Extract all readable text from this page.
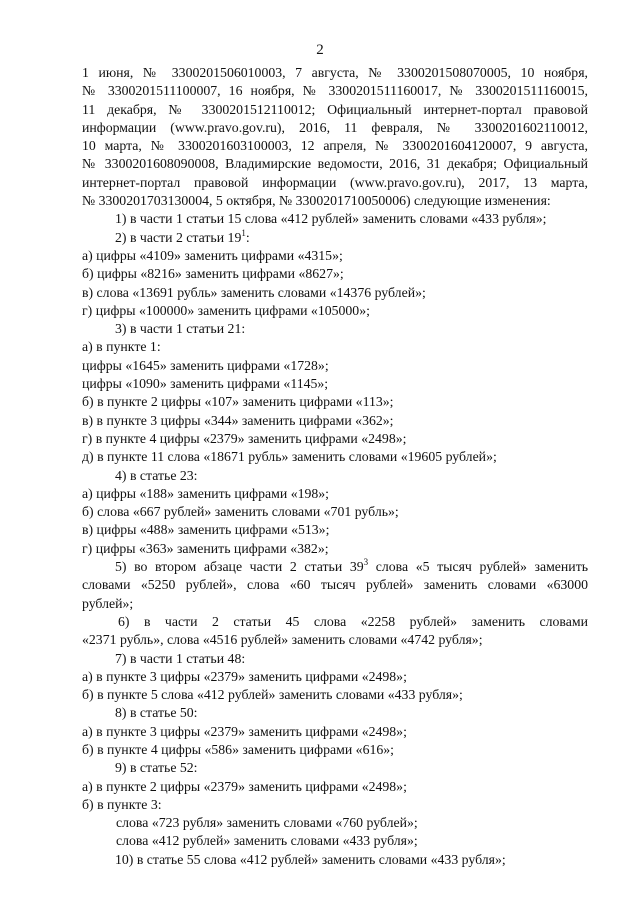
2

1 июня, № 3300201506010003, 7 августа, № 3300201508070005, 10 ноября,

№ 3300201511100007, 16 ноября, № 3300201511160017, № 3300201511160015,

11 декабря, № 3300201512110012; Официальный интернет-портал правовой

информации (www.pravo.gov.ru), 2016, 11 февраля, № 3300201602110012,

10 марта, № 3300201603100003, 12 апреля, № 3300201604120007, 9 августа,

№ 3300201608090008, Владимирские ведомости, 2016, 31 декабря; Официальный

интернет-портал правовой информации (www.pravo.gov.ru), 2017, 13 марта,

№ 3300201703130004, 5 октября, № 3300201710050006) следующие изменения:

1) в части 1 статьи 15 слова «412 рублей» заменить словами «433 рубля»;

2) в части 2 статьи $19^1$:

а) цифры «4109» заменить цифрами «4315»;

б) цифры «8216» заменить цифрами «8627»;

в) слова «13691 рубль» заменить словами «14376 рублей»;

г) цифры «100000» заменить цифрами «105000»;

3) в части 1 статьи 21:

а) в пункте 1:

цифры «1645» заменить цифрами «1728»;

цифры «1090» заменить цифрами «1145»;

б) в пункте 2 цифры «107» заменить цифрами «113»;

в) в пункте 3 цифры «344» заменить цифрами «362»;

г) в пункте 4 цифры «2379» заменить цифрами «2498»;

д) в пункте 11 слова «18671 рубль» заменить словами «19605 рублей»;

4) в статье 23:

а) цифры «188» заменить цифрами «198»;

б) слова «667 рублей» заменить словами «701 рубль»;

в) цифры «488» заменить цифрами «513»;

г) цифры «363» заменить цифрами «382»;

5) во втором абзаце части 2 статьи $39^3$ слова «5 тысяч рублей» заменить

словами «5250 рублей», слова «60 тысяч рублей» заменить словами «63000

рублей»;

6) в части 2 статьи 45 слова «2258 рублей» заменить словами

«2371 рубль», слова «4516 рублей» заменить словами «4742 рубля»;

7) в части 1 статьи 48:

а) в пункте 3 цифры «2379» заменить цифрами «2498»;

б) в пункте 5 слова «412 рублей» заменить словами «433 рубля»;

8) в статье 50:

а) в пункте 3 цифры «2379» заменить цифрами «2498»;

б) в пункте 4 цифры «586» заменить цифрами «616»;

9) в статье 52:

а) в пункте 2 цифры «2379» заменить цифрами «2498»;

б) в пункте 3:

слова «723 рубля» заменить словами «760 рублей»;

слова «412 рублей» заменить словами «433 рубля»;

10) в статье 55 слова «412 рублей» заменить словами «433 рубля»;
